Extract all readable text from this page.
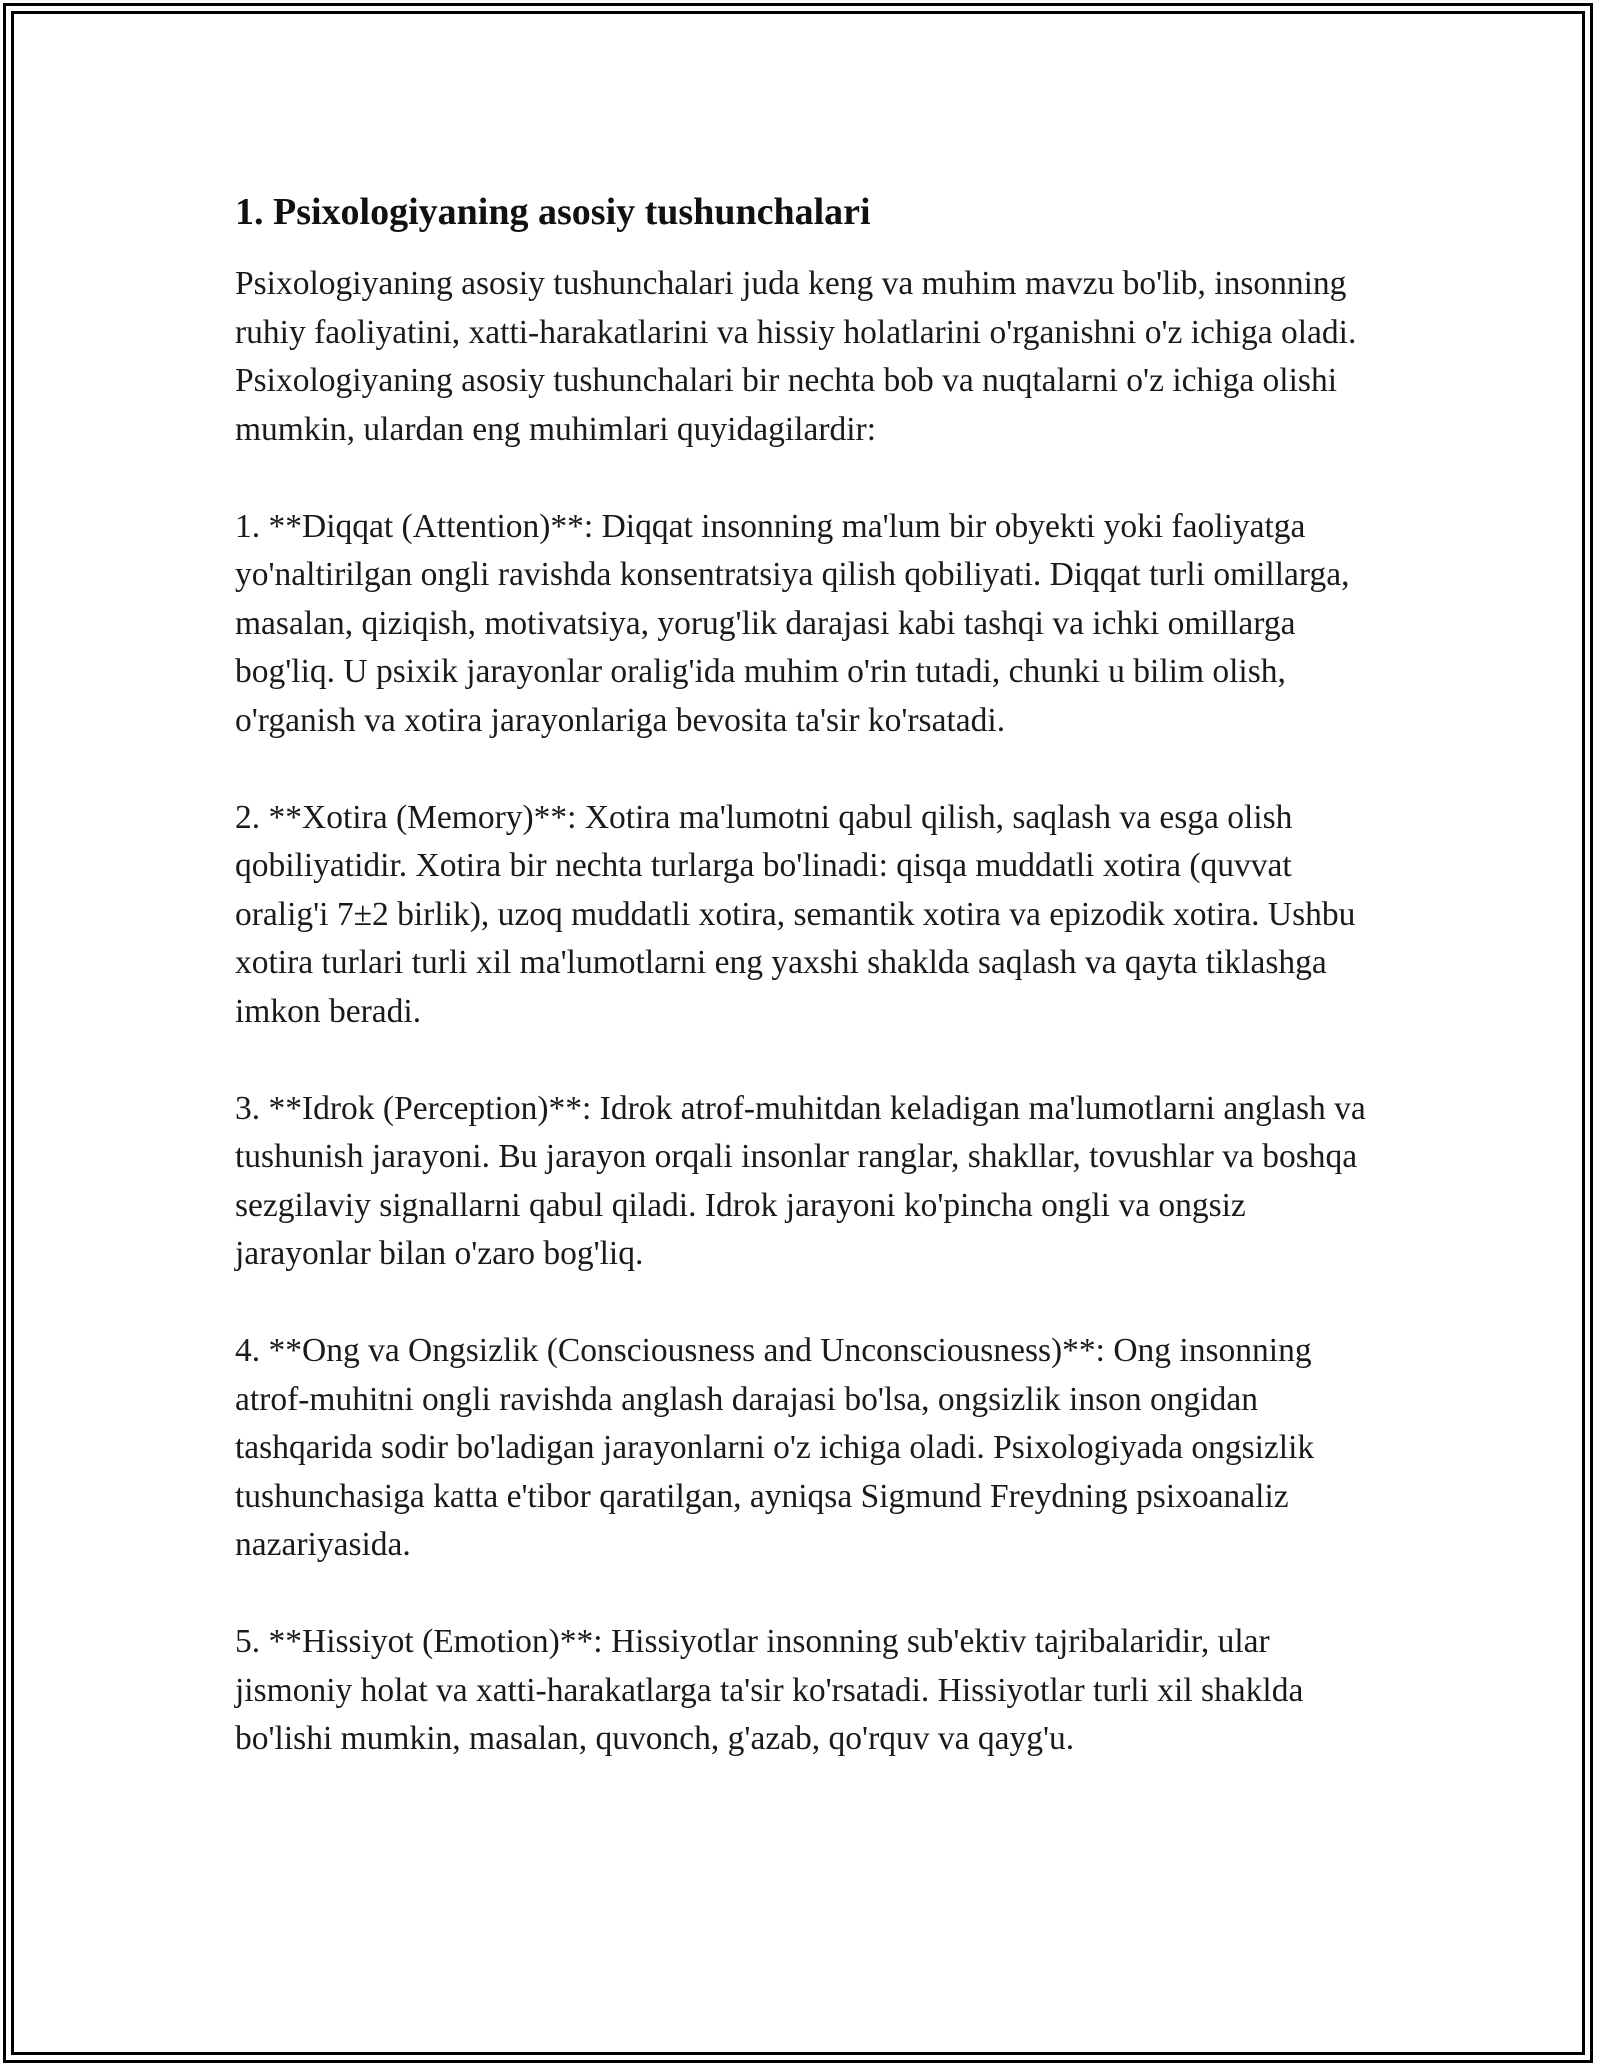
1. Psixologiyaning asosiy tushunchalari

Psixologiyaning asosiy tushunchalari juda keng va muhim mavzu bo'lib, insonning ruhiy faoliyatini, xatti-harakatlarini va hissiy holatlarini o'rganishni o'z ichiga oladi. Psixologiyaning asosiy tushunchalari bir nechta bob va nuqtalarni o'z ichiga olishi mumkin, ulardan eng muhimlari quyidagilardir:

1. **Diqqat (Attention)**: Diqqat insonning ma'lum bir obyekti yoki faoliyatga yo'naltirilgan ongli ravishda konsentratsiya qilish qobiliyati. Diqqat turli omillarga, masalan, qiziqish, motivatsiya, yorug'lik darajasi kabi tashqi va ichki omillarga bog'liq. U psixik jarayonlar oralig'ida muhim o'rin tutadi, chunki u bilim olish, o'rganish va xotira jarayonlariga bevosita ta'sir ko'rsatadi.

2. **Xotira (Memory)**: Xotira ma'lumotni qabul qilish, saqlash va esga olish qobiliyatidir. Xotira bir nechta turlarga bo'linadi: qisqa muddatli xotira (quvvat oralig'i 7±2 birlik), uzoq muddatli xotira, semantik xotira va epizodik xotira. Ushbu xotira turlari turli xil ma'lumotlarni eng yaxshi shaklda saqlash va qayta tiklashga imkon beradi.

3. **Idrok (Perception)**: Idrok atrof-muhitdan keladigan ma'lumotlarni anglash va tushunish jarayoni. Bu jarayon orqali insonlar ranglar, shakllar, tovushlar va boshqa sezgilaviy signallarni qabul qiladi. Idrok jarayoni ko'pincha ongli va ongsiz jarayonlar bilan o'zaro bog'liq.

4. **Ong va Ongsizlik (Consciousness and Unconsciousness)**: Ong insonning atrof-muhitni ongli ravishda anglash darajasi bo'lsa, ongsizlik inson ongidan tashqarida sodir bo'ladigan jarayonlarni o'z ichiga oladi. Psixologiyada ongsizlik tushunchasiga katta e'tibor qaratilgan, ayniqsa Sigmund Freydning psixoanaliz nazariyasida.

5. **Hissiyot (Emotion)**: Hissiyotlar insonning sub'ektiv tajribalaridir, ular jismoniy holat va xatti-harakatlarga ta'sir ko'rsatadi. Hissiyotlar turli xil shaklda bo'lishi mumkin, masalan, quvonch, g'azab, qo'rquv va qayg'u.
